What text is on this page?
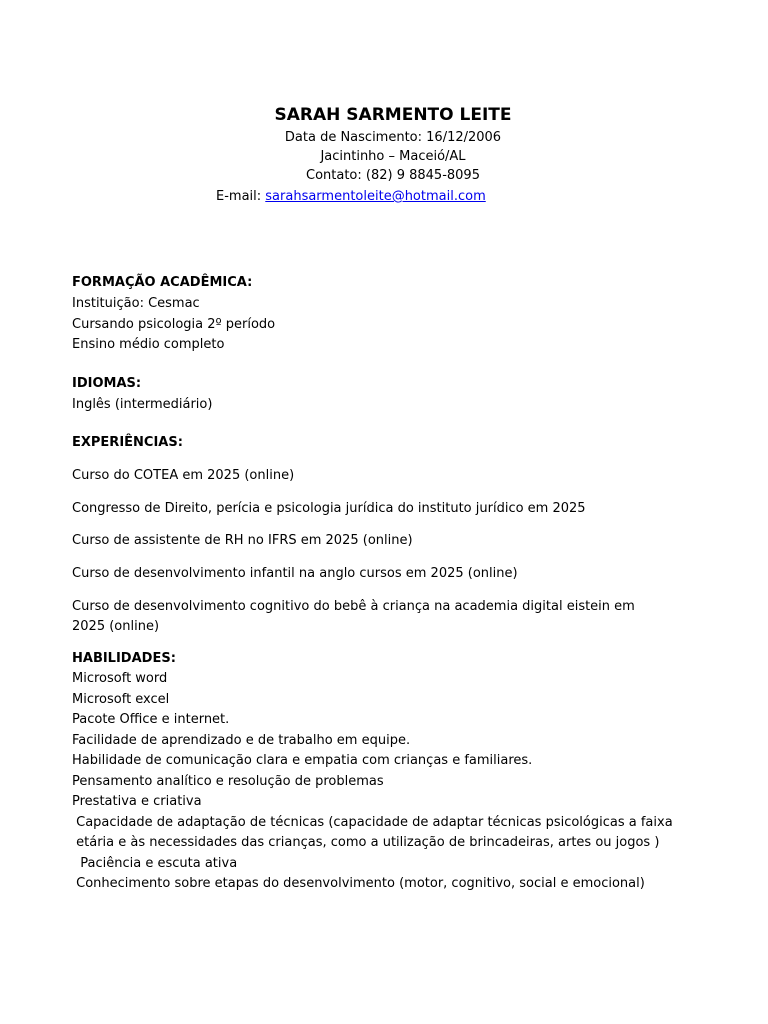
SARAH SARMENTO LEITE
Data de Nascimento: 16/12/2006
Jacintinho – Maceió/AL
Contato: (82) 9 8845-8095
E-mail: sarahsarmentoleite@hotmail.com

FORMAÇÃO ACADÊMICA:

Instituição: Cesmac

Cursando psicologia 2º período

Ensino médio completo

IDIOMAS:

Inglês (intermediário)

EXPERIÊNCIAS:

Curso do COTEA em 2025 (online)

Congresso de Direito, perícia e psicologia jurídica do instituto jurídico em 2025

Curso de assistente de RH no IFRS em 2025 (online)

Curso de desenvolvimento infantil na anglo cursos em 2025 (online)

Curso de desenvolvimento cognitivo do bebê à criança na academia digital eistein em 2025 (online)

HABILIDADES:

Microsoft word

Microsoft excel

Pacote Office e internet.

Facilidade de aprendizado e de trabalho em equipe.

Habilidade de comunicação clara e empatia com crianças e familiares.

Pensamento analítico e resolução de problemas

Prestativa e criativa

Capacidade de adaptação de técnicas (capacidade de adaptar técnicas psicológicas a faixa

etária e às necessidades das crianças, como a utilização de brincadeiras, artes ou jogos )

Paciência e escuta ativa

Conhecimento sobre etapas do desenvolvimento (motor, cognitivo, social e emocional)
